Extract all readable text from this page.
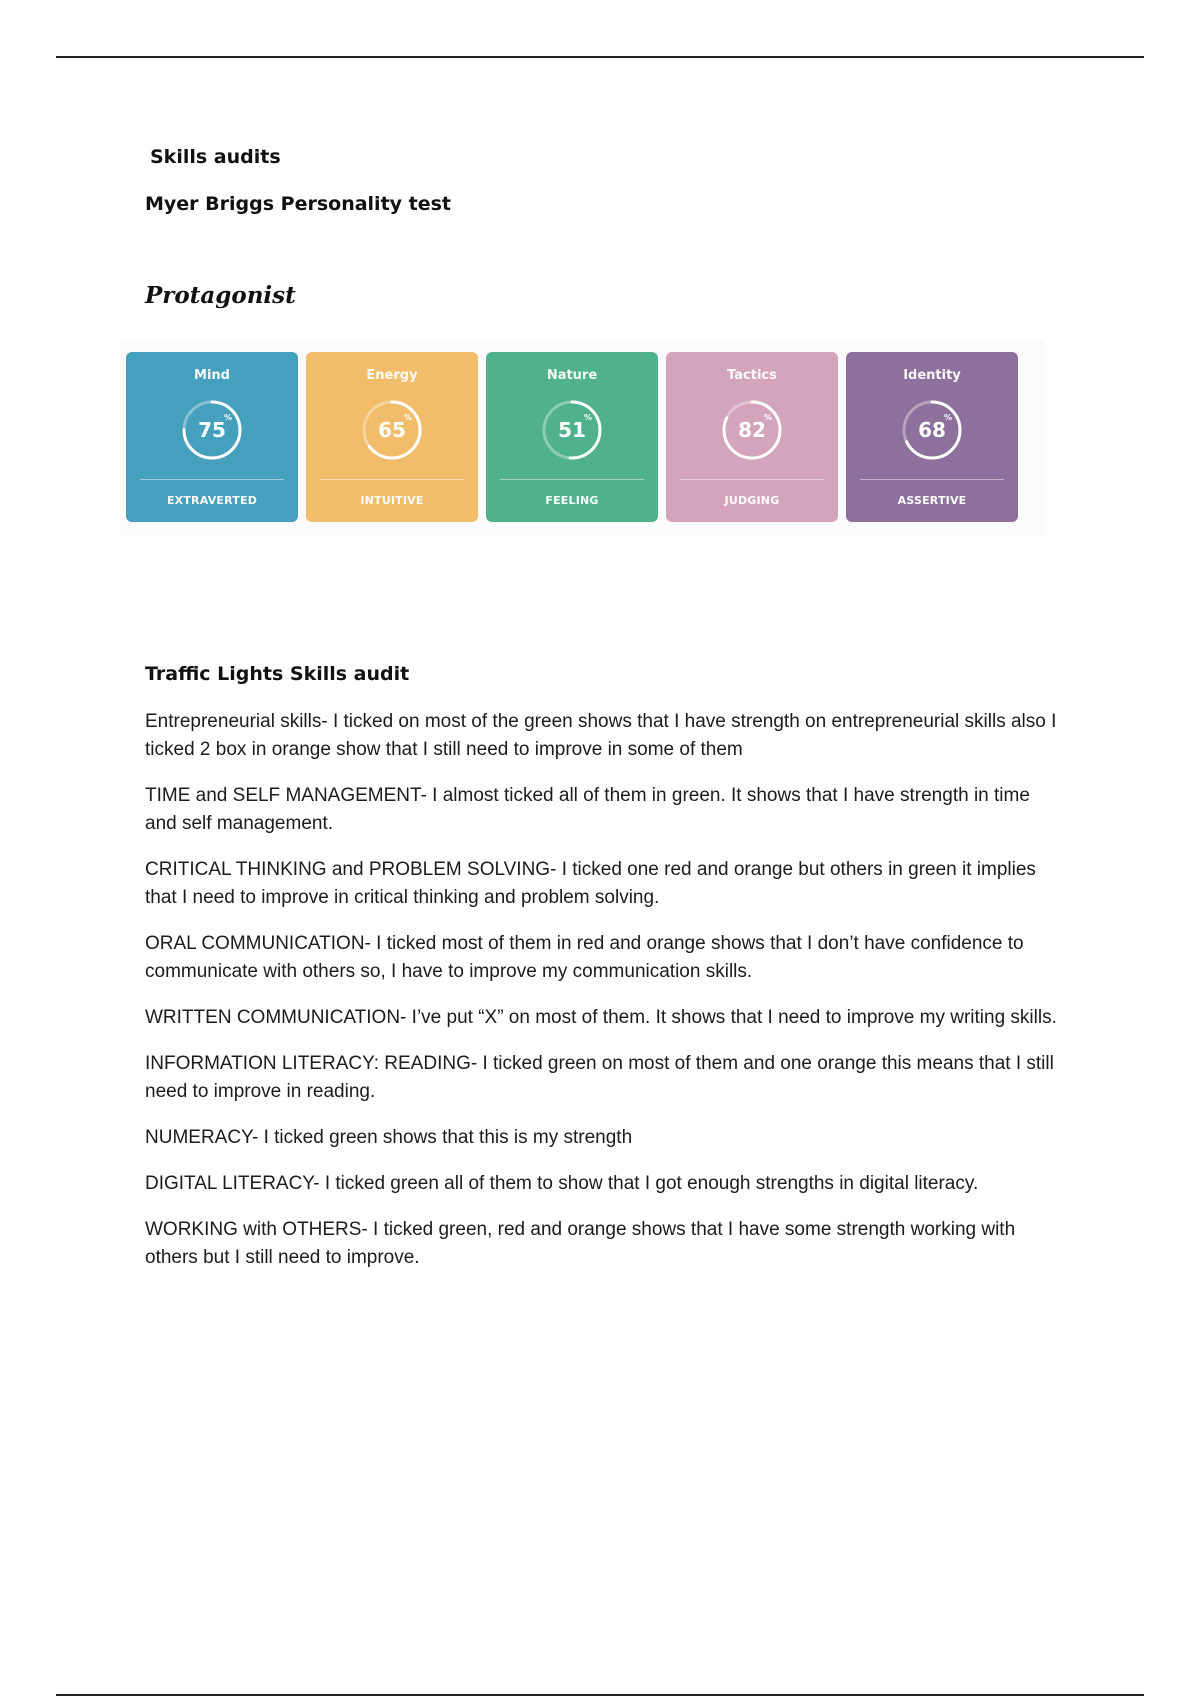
Skills audits

Myer Briggs Personality test

Protagonist

Mind
75
%
EXTRAVERTED
Energy
65
%
INTUITIVE
Nature
51
%
FEELING
Tactics
82
%
JUDGING
Identity
68
%
ASSERTIVE

Traffic Lights Skills audit

Entrepreneurial skills- I ticked on most of the green shows that I have strength on entrepreneurial skills also I ticked 2 box in orange show that I still need to improve in some of them

TIME and SELF MANAGEMENT- I almost ticked all of them in green. It shows that I have strength in time and self management.

CRITICAL THINKING and PROBLEM SOLVING- I ticked one red and orange but others in green it implies that I need to improve in critical thinking and problem solving.

ORAL COMMUNICATION- I ticked most of them in red and orange shows that I don’t have confidence to communicate with others so, I have to improve my communication skills.

WRITTEN COMMUNICATION- I’ve put “X” on most of them. It shows that I need to improve my writing skills.

INFORMATION LITERACY: READING- I ticked green on most of them and one orange this means that I still need to improve in reading.

NUMERACY- I ticked green shows that this is my strength

DIGITAL LITERACY- I ticked green all of them to show that I got enough strengths in digital literacy.

WORKING with OTHERS- I ticked green, red and orange shows that I have some strength working with others but I still need to improve.
